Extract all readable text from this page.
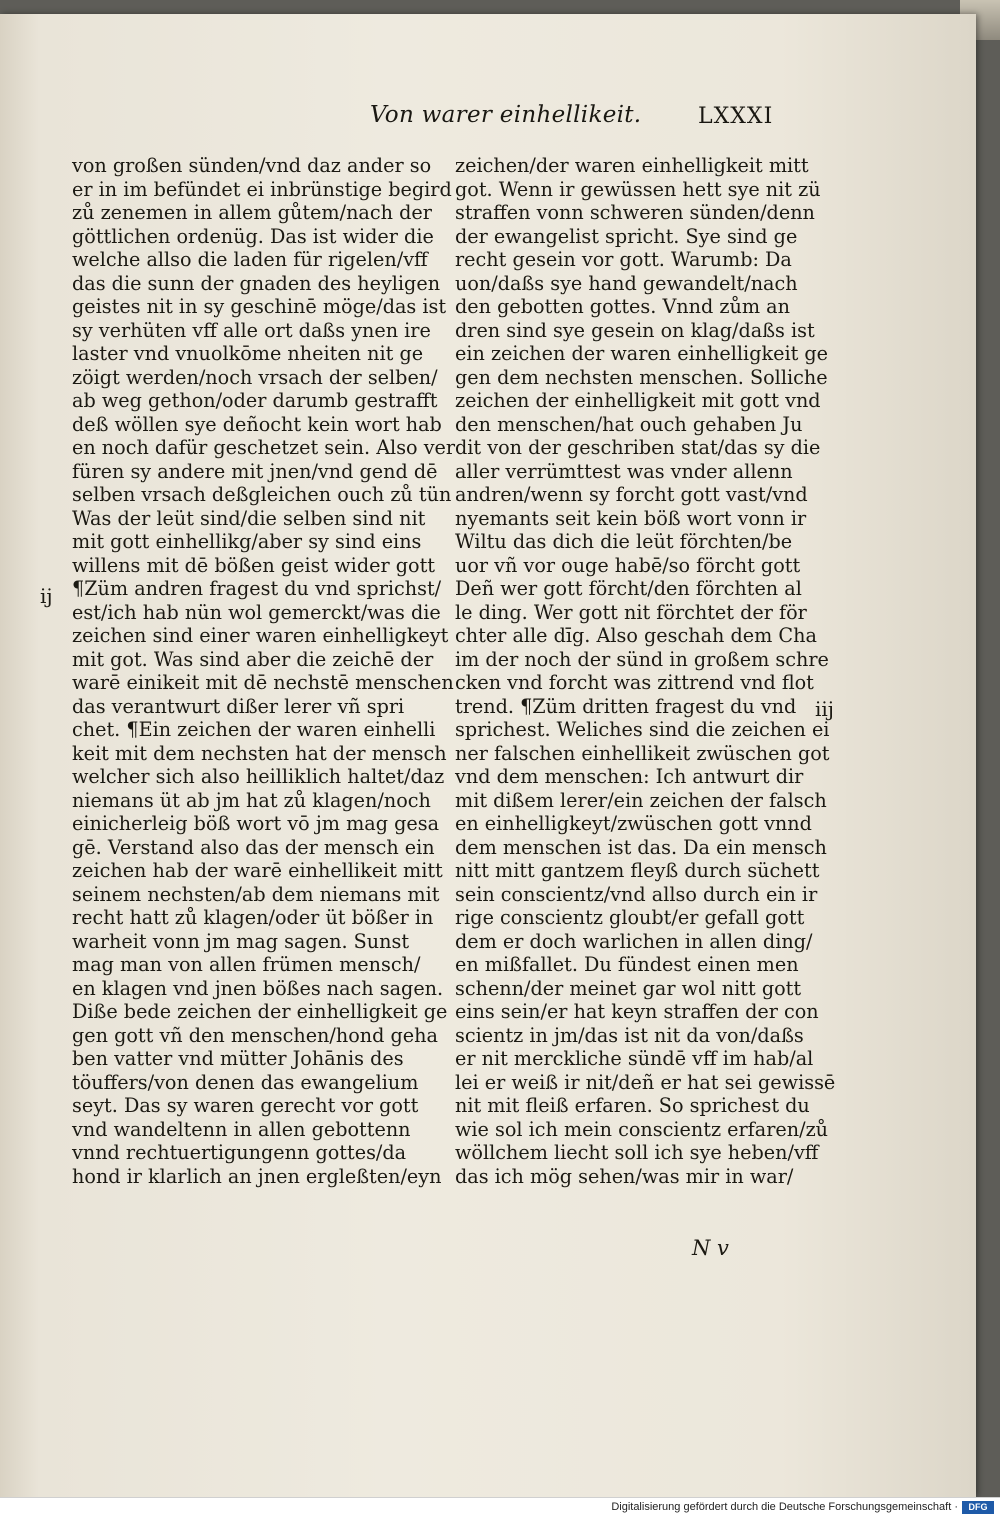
Von warer einhellikeit.	LXXXI
von großen sünden/vnd daz ander so
er in im befündet ei inbrünstige begird
zů zenemen in allem gůtem/nach der
göttlichen ordenüg. Das ist wider die
welche allso die laden für rigelen/vff
das die sunn der gnaden des heyligen
geistes nit in sy geschinē möge/das ist
sy verhüten vff alle ort daßs ynen ire
laster vnd vnuolkōme nheiten nit ge
zöigt werden/noch vrsach der selben/
ab weg gethon/oder darumb gestrafft
deß wöllen sye deñocht kein wort hab
en noch dafür geschetzet sein. Also ver
füren sy andere mit jnen/vnd gend dē
selben vrsach deßgleichen ouch zů tün
Was der leüt sind/die selben sind nit
mit gott einhellikg/aber sy sind eins
willens mit dē bößen geist wider gott
¶Züm andren fragest du vnd sprichst/
est/ich hab nün wol gemerckt/was die
zeichen sind einer waren einhelligkeyt
mit got. Was sind aber die zeichē der
warē einikeit mit dē nechstē menschen
das verantwurt dißer lerer vñ spri
chet. ¶Ein zeichen der waren einhelli
keit mit dem nechsten hat der mensch
welcher sich also heilliklich haltet/daz
niemans üt ab jm hat zů klagen/noch
einicherleig böß wort vō jm mag gesa
gē. Verstand also das der mensch ein
zeichen hab der warē einhellikeit mitt
seinem nechsten/ab dem niemans mit
recht hatt zů klagen/oder üt bößer in
warheit vonn jm mag sagen. Sunst
mag man von allen frümen mensch/
en klagen vnd jnen bößes nach sagen.
Diße bede zeichen der einhelligkeit ge
gen gott vñ den menschen/hond geha
ben vatter vnd mütter Johānis des
töuffers/von denen das ewangelium
seyt. Das sy waren gerecht vor gott
vnd wandeltenn in allen gebottenn
vnnd rechtuertigungenn gottes/da
hond ir klarlich an jnen ergleßten/eyn
zeichen/der waren einhelligkeit mitt
got. Wenn ir gewüssen hett sye nit zü
straffen vonn schweren sünden/denn
der ewangelist spricht. Sye sind ge
recht gesein vor gott. Warumb: Da
uon/daßs sye hand gewandelt/nach
den gebotten gottes. Vnnd zům an
dren sind sye gesein on klag/daßs ist
ein zeichen der waren einhelligkeit ge
gen dem nechsten menschen. Solliche
zeichen der einhelligkeit mit gott vnd
den menschen/hat ouch gehaben Ju
dit von der geschriben stat/das sy die
aller verrümttest was vnder allenn
andren/wenn sy forcht gott vast/vnd
nyemants seit kein böß wort vonn ir
Wiltu das dich die leüt förchten/be
uor vñ vor ouge habē/so förcht gott
Deñ wer gott förcht/den förchten al
le ding. Wer gott nit förchtet der för
chter alle dīg. Also geschah dem Cha
im der noch der sünd in großem schre
cken vnd forcht was zittrend vnd flot
trend. ¶Züm dritten fragest du vnd
sprichest. Weliches sind die zeichen ei
ner falschen einhellikeit zwüschen got
vnd dem menschen: Ich antwurt dir
mit dißem lerer/ein zeichen der falsch
en einhelligkeyt/zwüschen gott vnnd
dem menschen ist das. Da ein mensch
nitt mitt gantzem fleyß durch süchett
sein conscientz/vnd allso durch ein ir
rige conscientz gloubt/er gefall gott
dem er doch warlichen in allen ding/
en mißfallet. Du fündest einen men
schenn/der meinet gar wol nitt gott
eins sein/er hat keyn straffen der con
scientz in jm/das ist nit da von/daßs
er nit merckliche sündē vff im hab/al
lei er weiß ir nit/deñ er hat sei gewissē
nit mit fleiß erfaren. So sprichest du
wie sol ich mein conscientz erfaren/zů
wöllchem liecht soll ich sye heben/vff
das ich mög sehen/was mir in war/
ij
iij
N v
Digitalisierung gefördert durch die Deutsche Forschungsgemeinschaft ·	DFG
